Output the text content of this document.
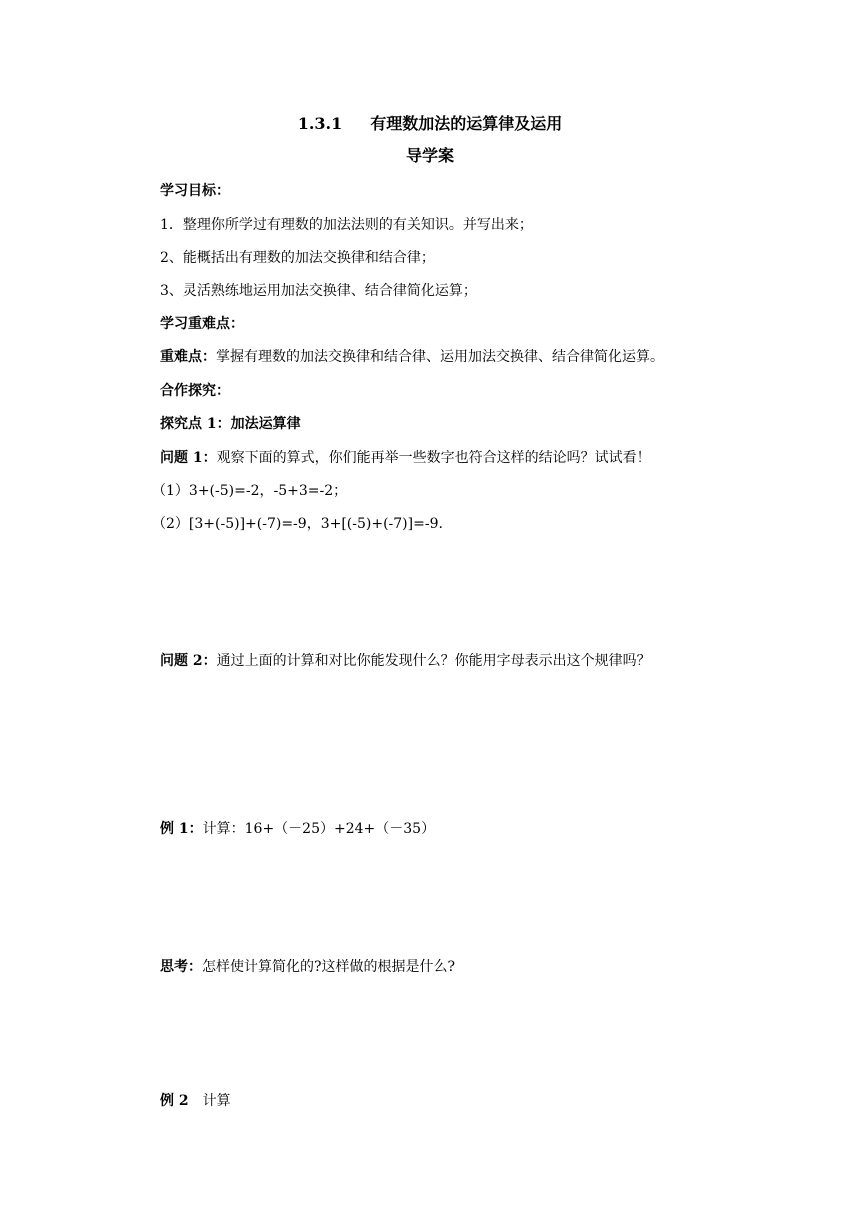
1.3.1 有理数加法的运算律及运用
导学案
学习目标：
1．整理你所学过有理数的加法法则的有关知识。并写出来；
2、能概括出有理数的加法交换律和结合律；
3、灵活熟练地运用加法交换律、结合律简化运算；
学习重难点：
重难点：掌握有理数的加法交换律和结合律、运用加法交换律、结合律简化运算。
合作探究：
探究点 1：加法运算律
问题 1：观察下面的算式，你们能再举一些数字也符合这样的结论吗？试试看！
（1）3+(-5)=-2，-5+3=-2；
（2）[3+(-5)]+(-7)=-9，3+[(-5)+(-7)]=-9.
问题 2：通过上面的计算和对比你能发现什么？你能用字母表示出这个规律吗？
例 1：计算：16+（－25）+24+（－35）
思考：怎样使计算简化的?这样做的根据是什么?
例 2 计算
